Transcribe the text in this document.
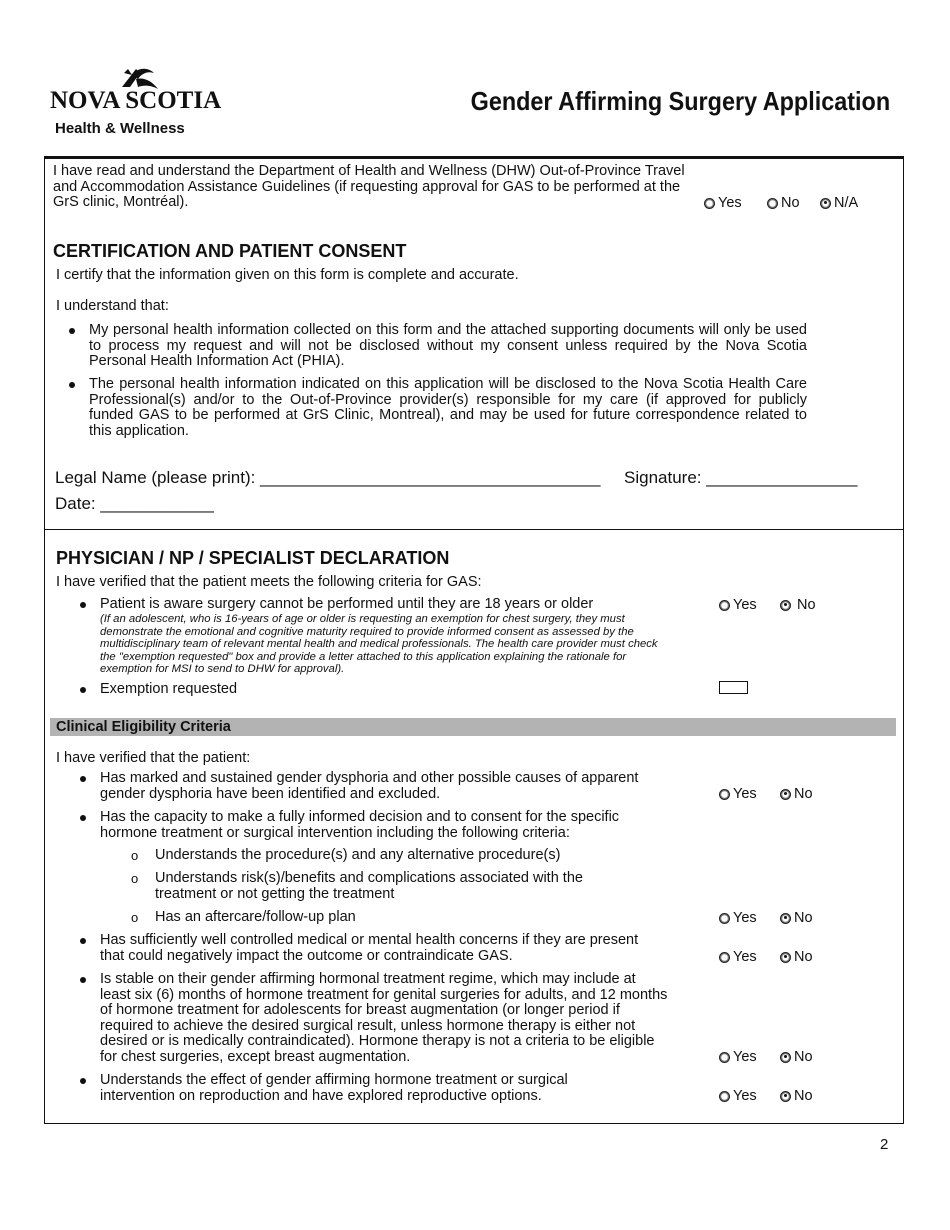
NOVA SCOTIA
Health & Wellness
Gender Affirming Surgery Application
I have read and understand the Department of Health and Wellness (DHW) Out-of-Province Travel and Accommodation Assistance Guidelines (if requesting approval for GAS to be performed at the GrS clinic, Montréal).	Yes	No N/A
CERTIFICATION AND PATIENT CONSENT
I certify that the information given on this form is complete and accurate.
I understand that:
My personal health information collected on this form and the attached supporting documents will only be used to process my request and will not be disclosed without my consent unless required by the Nova Scotia Personal Health Information Act (PHIA).
The personal health information indicated on this application will be disclosed to the Nova Scotia Health Care Professional(s) and/or to the Out-of-Province provider(s) responsible for my care (if approved for publicly funded GAS to be performed at GrS Clinic, Montreal), and may be used for future correspondence related to this application.
Legal Name (please print): ____________________________________ Signature: ________________
Date: ____________
PHYSICIAN / NP / SPECIALIST DECLARATION
I have verified that the patient meets the following criteria for GAS:
Patient is aware surgery cannot be performed until they are 18 years or older
(If an adolescent, who is 16-years of age or older is requesting an exemption for chest surgery, they must demonstrate the emotional and cognitive maturity required to provide informed consent as assessed by the multidisciplinary team of relevant mental health and medical professionals. The health care provider must check the "exemption requested" box and provide a letter attached to this application explaining the rationale for exemption for MSI to send to DHW for approval).
Yes	No
Exemption requested
Clinical Eligibility Criteria
I have verified that the patient:
Has marked and sustained gender dysphoria and other possible causes of apparent gender dysphoria have been identified and excluded.	Yes	No
Has the capacity to make a fully informed decision and to consent for the specific hormone treatment or surgical intervention including the following criteria:
o Understands the procedure(s) and any alternative procedure(s)
o Understands risk(s)/benefits and complications associated with the treatment or not getting the treatment
o Has an aftercare/follow-up plan	Yes	No
Has sufficiently well controlled medical or mental health concerns if they are present that could negatively impact the outcome or contraindicate GAS.	Yes	No
Is stable on their gender affirming hormonal treatment regime, which may include at least six (6) months of hormone treatment for genital surgeries for adults, and 12 months of hormone treatment for adolescents for breast augmentation (or longer period if required to achieve the desired surgical result, unless hormone therapy is either not desired or is medically contraindicated). Hormone therapy is not a criteria to be eligible for chest surgeries, except breast augmentation.	Yes	No
Understands the effect of gender affirming hormone treatment or surgical intervention on reproduction and have explored reproductive options.	Yes	No
2
